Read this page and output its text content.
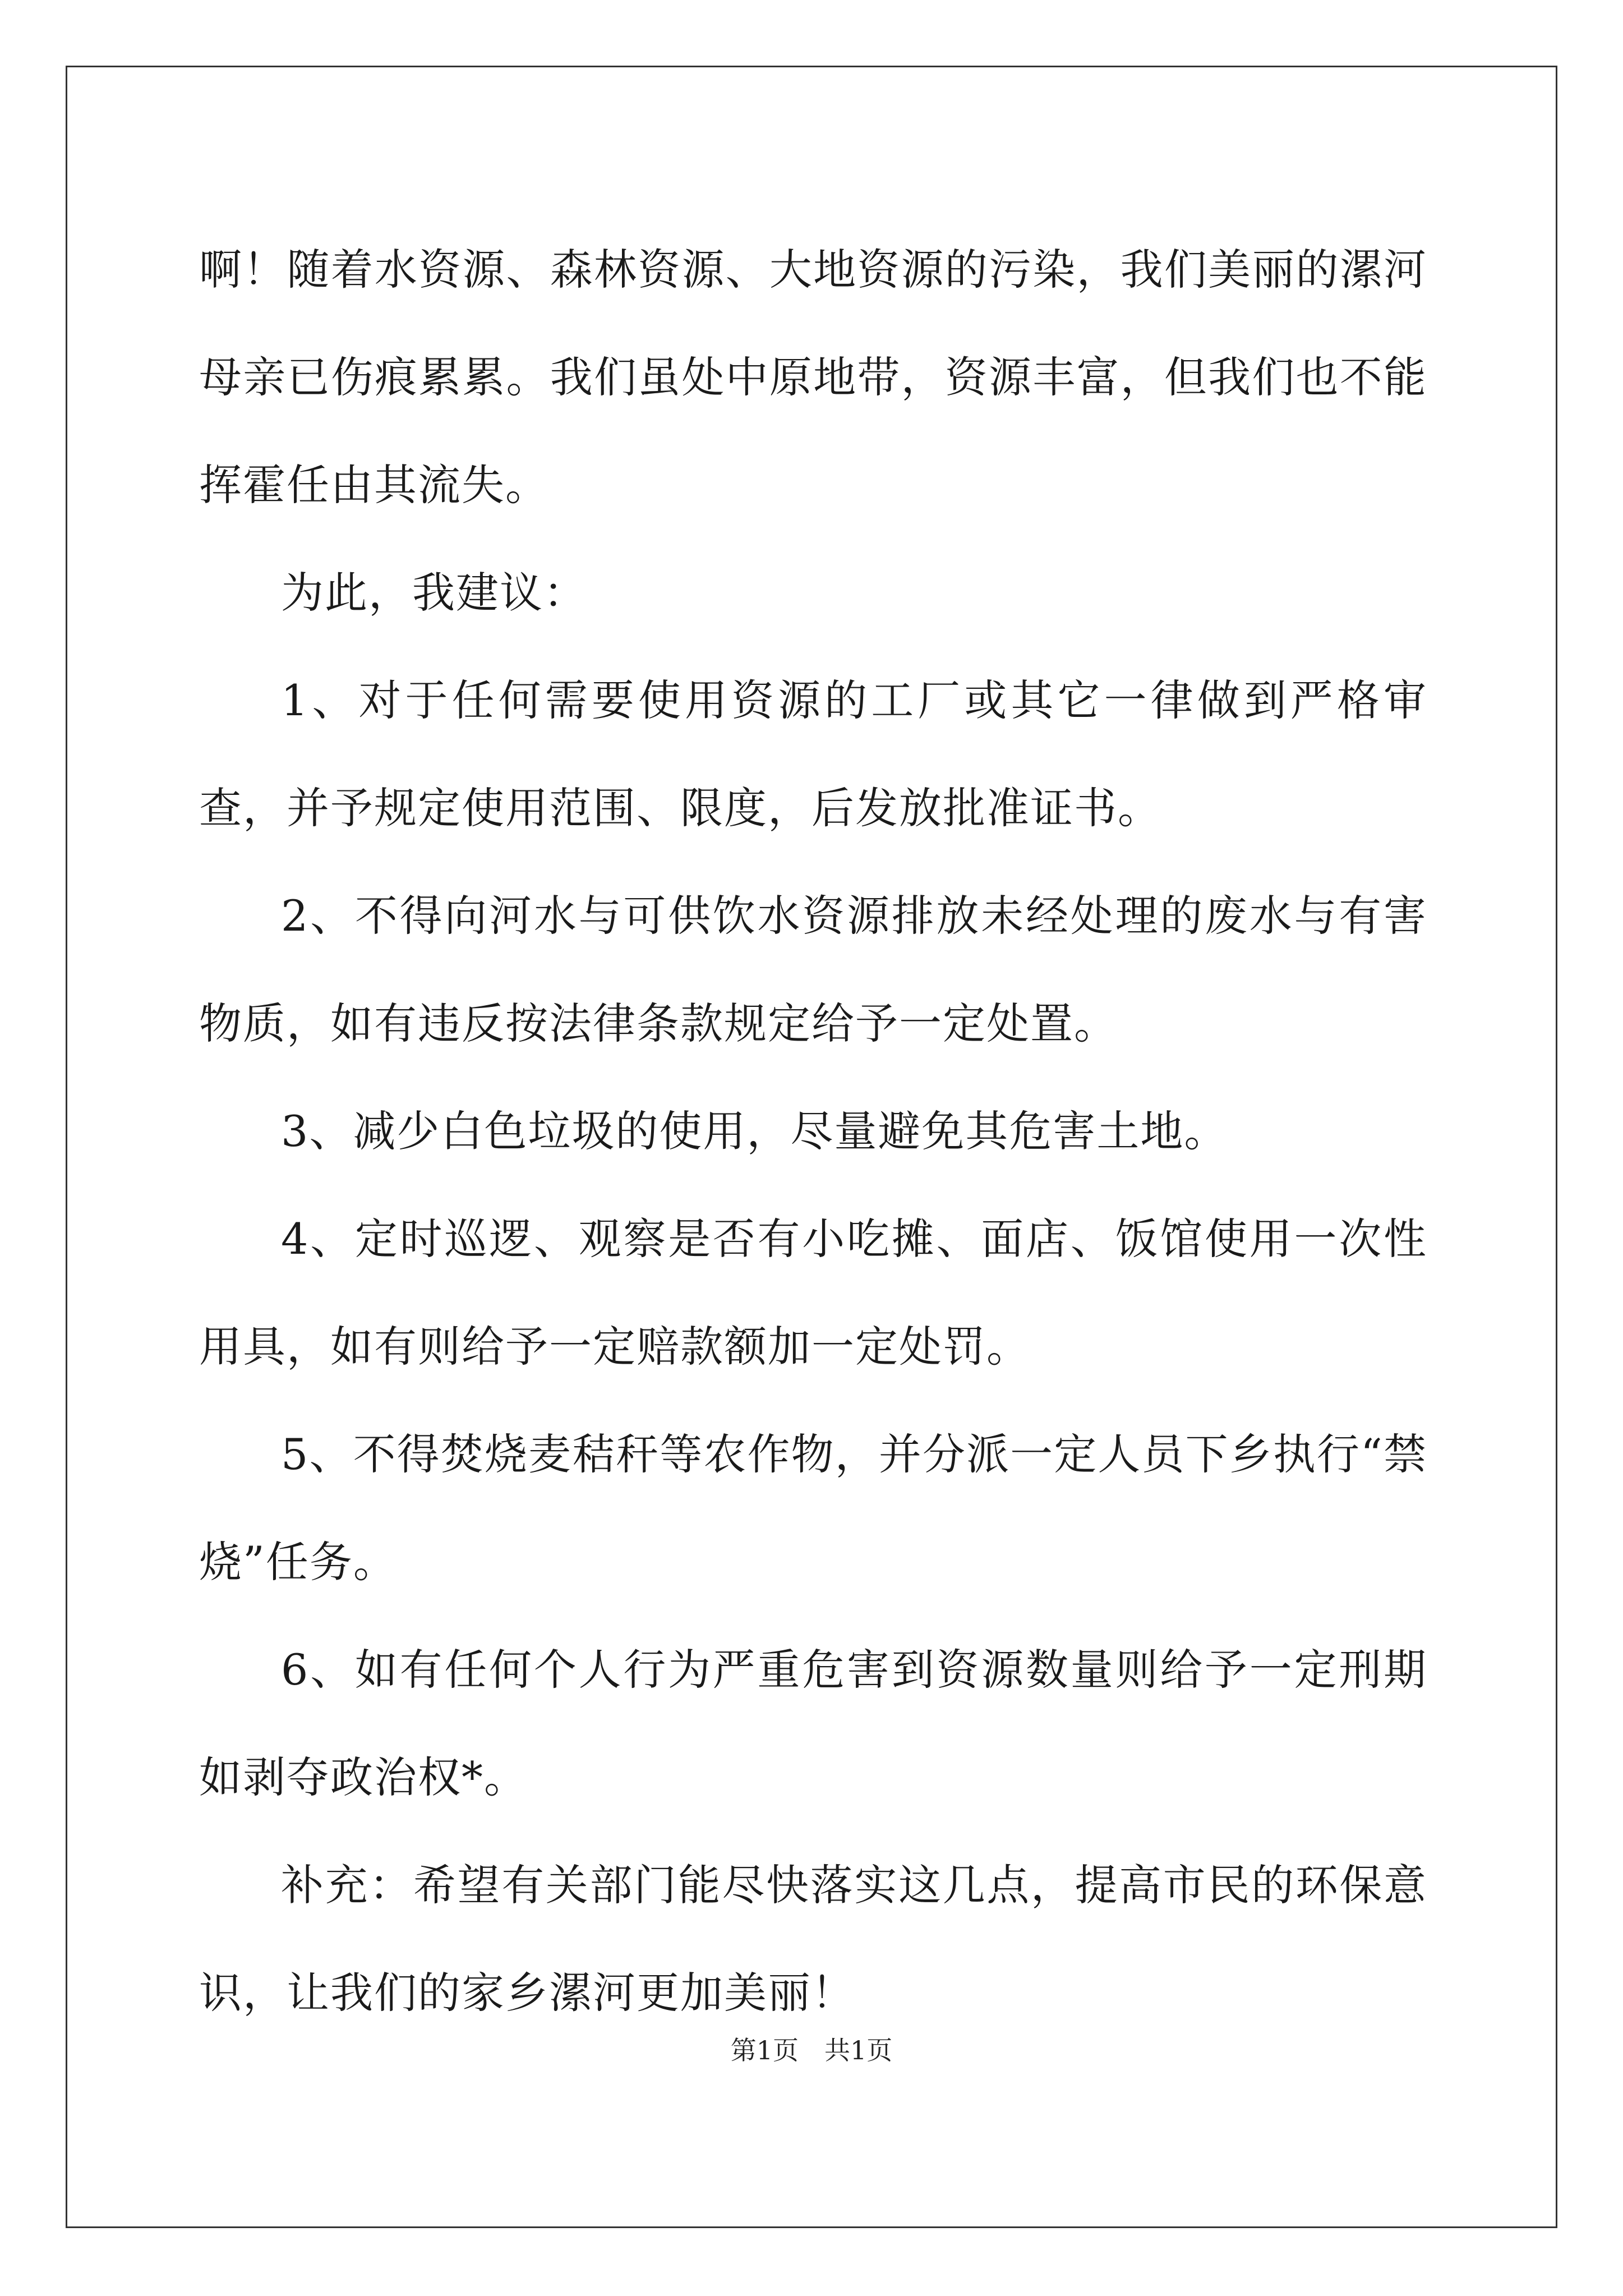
啊！随着水资源、森林资源、大地资源的污染，我们美丽的漯河母亲已伤痕累累。我们虽处中原地带，资源丰富，但我们也不能挥霍任由其流失。

为此，我建议：

1、对于任何需要使用资源的工厂或其它一律做到严格审查，并予规定使用范围、限度，后发放批准证书。

2、不得向河水与可供饮水资源排放未经处理的废水与有害物质，如有违反按法律条款规定给予一定处置。

3、减少白色垃圾的使用，尽量避免其危害土地。

4、定时巡逻、观察是否有小吃摊、面店、饭馆使用一次性用具，如有则给予一定赔款额加一定处罚。

5、不得焚烧麦秸秆等农作物，并分派一定人员下乡执行“禁烧”任务。

6、如有任何个人行为严重危害到资源数量则给予一定刑期如剥夺政治权*。

补充：希望有关部门能尽快落实这几点，提高市民的环保意识，让我们的家乡漯河更加美丽！

第1页　共1页
